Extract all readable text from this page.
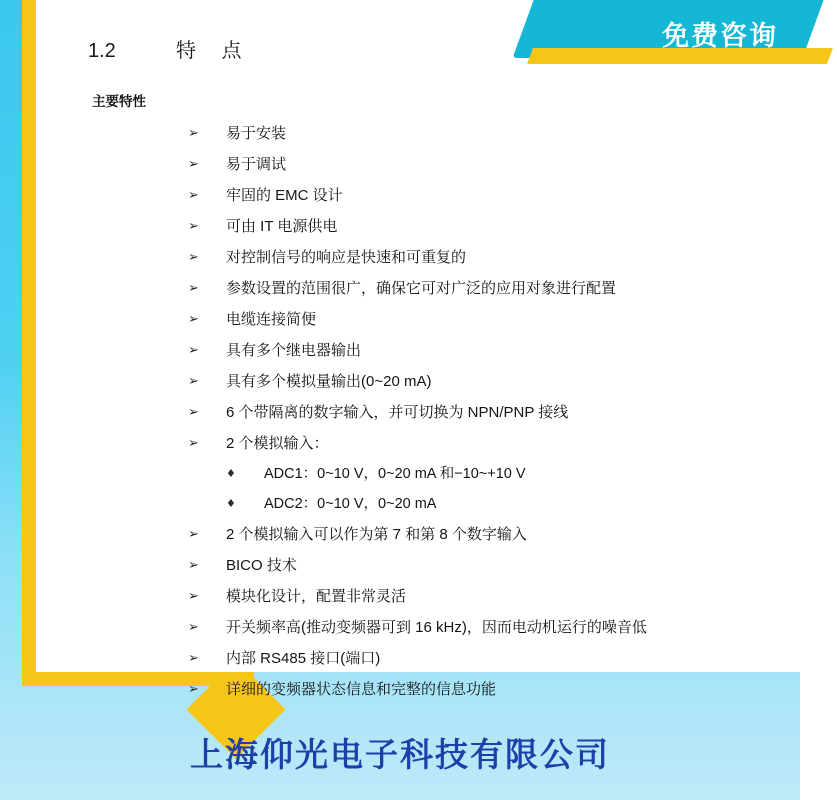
1.2	特 点
主要特性
➢	易于安装
➢	易于调试
➢	牢固的 EMC 设计
➢	可由 IT 电源供电
➢	对控制信号的响应是快速和可重复的
➢	参数设置的范围很广，确保它可对广泛的应用对象进行配置
➢	电缆连接简便
➢	具有多个继电器输出
➢	具有多个模拟量输出(0~20 mA)
➢	6 个带隔离的数字输入，并可切换为 NPN/PNP 接线
➢	2 个模拟输入：
♦	ADC1：0~10 V，0~20 mA 和−10~+10 V
♦	ADC2：0~10 V，0~20 mA
➢	2 个模拟输入可以作为第 7 和第 8 个数字输入
➢	BICO 技术
➢	模块化设计，配置非常灵活
➢	开关频率高(推动变频器可到 16 kHz)，因而电动机运行的噪音低
➢	内部 RS485 接口(端口)
➢	详细的变频器状态信息和完整的信息功能
免费咨询
上海仰光电子科技有限公司
